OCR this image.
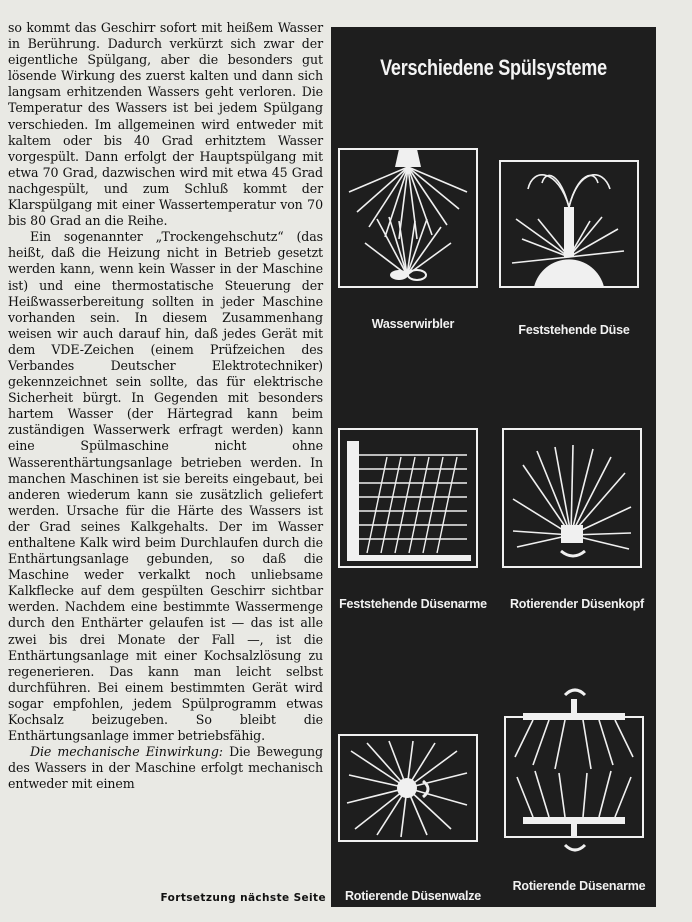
so kommt das Geschirr sofort mit heißem Wasser in Berührung. Dadurch verkürzt sich zwar der eigentliche Spülgang, aber die besonders gut lösende Wirkung des zuerst kalten und dann sich langsam erhitzenden Wassers geht verloren. Die Temperatur des Wassers ist bei jedem Spülgang verschieden. Im allgemeinen wird entweder mit kaltem oder bis 40 Grad erhitztem Wasser vorgespült. Dann erfolgt der Hauptspülgang mit etwa 70 Grad, dazwischen wird mit etwa 45 Grad nachgespült, und zum Schluß kommt der Klarspülgang mit einer Wassertemperatur von 70 bis 80 Grad an die Reihe.

Ein sogenannter „Trockengehschutz“ (das heißt, daß die Heizung nicht in Betrieb gesetzt werden kann, wenn kein Wasser in der Maschine ist) und eine thermostatische Steuerung der Heißwasserbereitung sollten in jeder Maschine vorhanden sein. In diesem Zusammenhang weisen wir auch darauf hin, daß jedes Gerät mit dem VDE-Zeichen (einem Prüfzeichen des Verbandes Deutscher Elektrotechniker) gekennzeichnet sein sollte, das für elektrische Sicherheit bürgt. In Gegenden mit besonders hartem Wasser (der Härtegrad kann beim zuständigen Wasserwerk erfragt werden) kann eine Spülmaschine nicht ohne Wasserenthärtungsanlage betrieben werden. In manchen Maschinen ist sie bereits eingebaut, bei anderen wiederum kann sie zusätzlich geliefert werden. Ursache für die Härte des Wassers ist der Grad seines Kalkgehalts. Der im Wasser enthaltene Kalk wird beim Durchlaufen durch die Enthärtungsanlage gebunden, so daß die Maschine weder verkalkt noch unliebsame Kalkflecke auf dem gespülten Geschirr sichtbar werden. Nachdem eine bestimmte Wassermenge durch den Enthärter gelaufen ist — das ist alle zwei bis drei Monate der Fall —, ist die Enthärtungsanlage mit einer Kochsalzlösung zu regenerieren. Das kann man leicht selbst durchführen. Bei einem bestimmten Gerät wird sogar empfohlen, jedem Spülprogramm etwas Kochsalz beizugeben. So bleibt die Enthärtungsanlage immer betriebsfähig.

Die mechanische Einwirkung: Die Bewegung des Wassers in der Maschine erfolgt mechanisch entweder mit einem

Fortsetzung nächste Seite
Verschiedene Spülsysteme
Wasserwirbler	Feststehende Düse
Feststehende Düsenarme	Rotierender Düsenkopf
Rotierende Düsenwalze
Rotierende Düsenarme
